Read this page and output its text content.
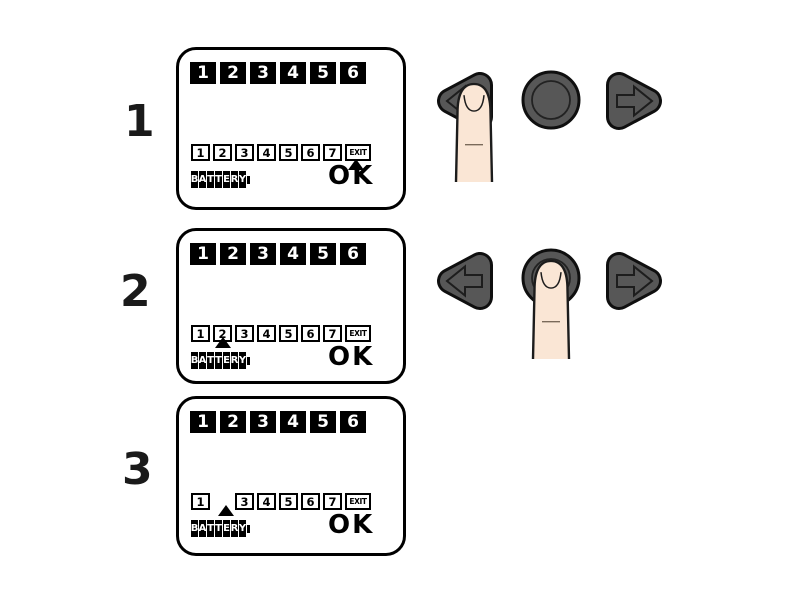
1
2
3
1	2	3	4	5	6
1	2	3	4	5	6	7	EXIT
B A T T E R Y	OK
1	2	3	4	5	6
1	2	3	4	5	6	7	EXIT
B A T T E R Y	OK
1	2	3	4	5	6
1	3	4	5	6	7	EXIT
B A T T E R Y	OK
